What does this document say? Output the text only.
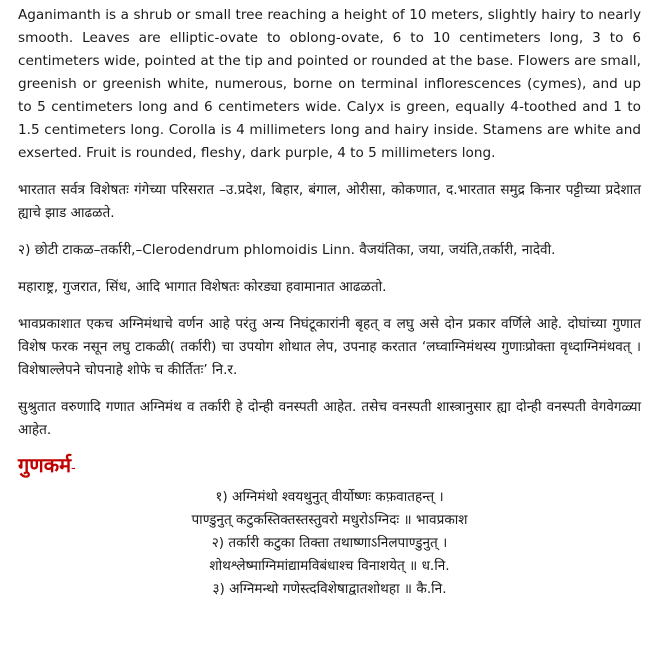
Aganimanth is a shrub or small tree reaching a height of 10 meters, slightly hairy to nearly smooth. Leaves are elliptic-ovate to oblong-ovate, 6 to 10 centimeters long, 3 to 6 centimeters wide, pointed at the tip and pointed or rounded at the base. Flowers are small, greenish or greenish white, numerous, borne on terminal inflorescences (cymes), and up to 5 centimeters long and 6 centimeters wide. Calyx is green, equally 4-toothed and 1 to 1.5 centimeters long. Corolla is 4 millimeters long and hairy inside. Stamens are white and exserted. Fruit is rounded, fleshy, dark purple, 4 to 5 millimeters long.

भारतात सर्वत्र विशेषतः गंगेच्या परिसरात –उ.प्रदेश, बिहार, बंगाल, ओरीसा, कोकणात, द.भारतात समुद्र किनार पट्टीच्या प्रदेशात ह्याचे झाड आढळते.

२) छोटी टाकळ–तर्कारी,–Clerodendrum phlomoidis Linn. वैजयंतिका, जया, जयंति,तर्कारी, नादेवी.

महाराष्ट्र, गुजरात, सिंध, आदि भागात विशेषतः कोरड्या हवामानात आढळतो.

भावप्रकाशात एकच अग्निमंथाचे वर्णन आहे परंतु अन्य निघंटूकारांनी बृहत् व लघु असे दोन प्रकार वर्णिले आहे. दोघांच्या गुणात विशेष फरक नसून लघु टाकळी( तर्कारी) चा उपयोग शोथात लेप, उपनाह करतात ‘लघ्वाग्निमंथस्य गुणाःप्रोक्ता वृध्दाग्निमंथवत् । विशेषाल्लेपने चोपनाहे शोफे च कीर्तितः’ नि.र.

सुश्रुतात वरुणादि गणात अग्निमंथ व तर्कारी हे दोन्ही वनस्पती आहेत. तसेच वनस्पती शास्त्रानुसार ह्या दोन्ही वनस्पती वेगवेगळ्या आहेत.

गुणकर्म-
१) अग्निमंथो श्वयथुनुत् वीर्योष्णः कफ़वातहन्त् ।
पाण्डुनुत् कटुकस्तिक्तस्तस्तुवरो मधुरोऽग्निदः ॥ भावप्रकाश
२) तर्कारी कटुका तिक्ता तथाष्णाऽनिलपाण्डुनुत् ।
शोथश्लेष्माग्निमांद्यामविबंधाश्च विनाशयेत् ॥ ध.नि.
३) अग्निमन्थो गणेस्त्दविशेषाद्वातशोथहा ॥ कै.नि.
